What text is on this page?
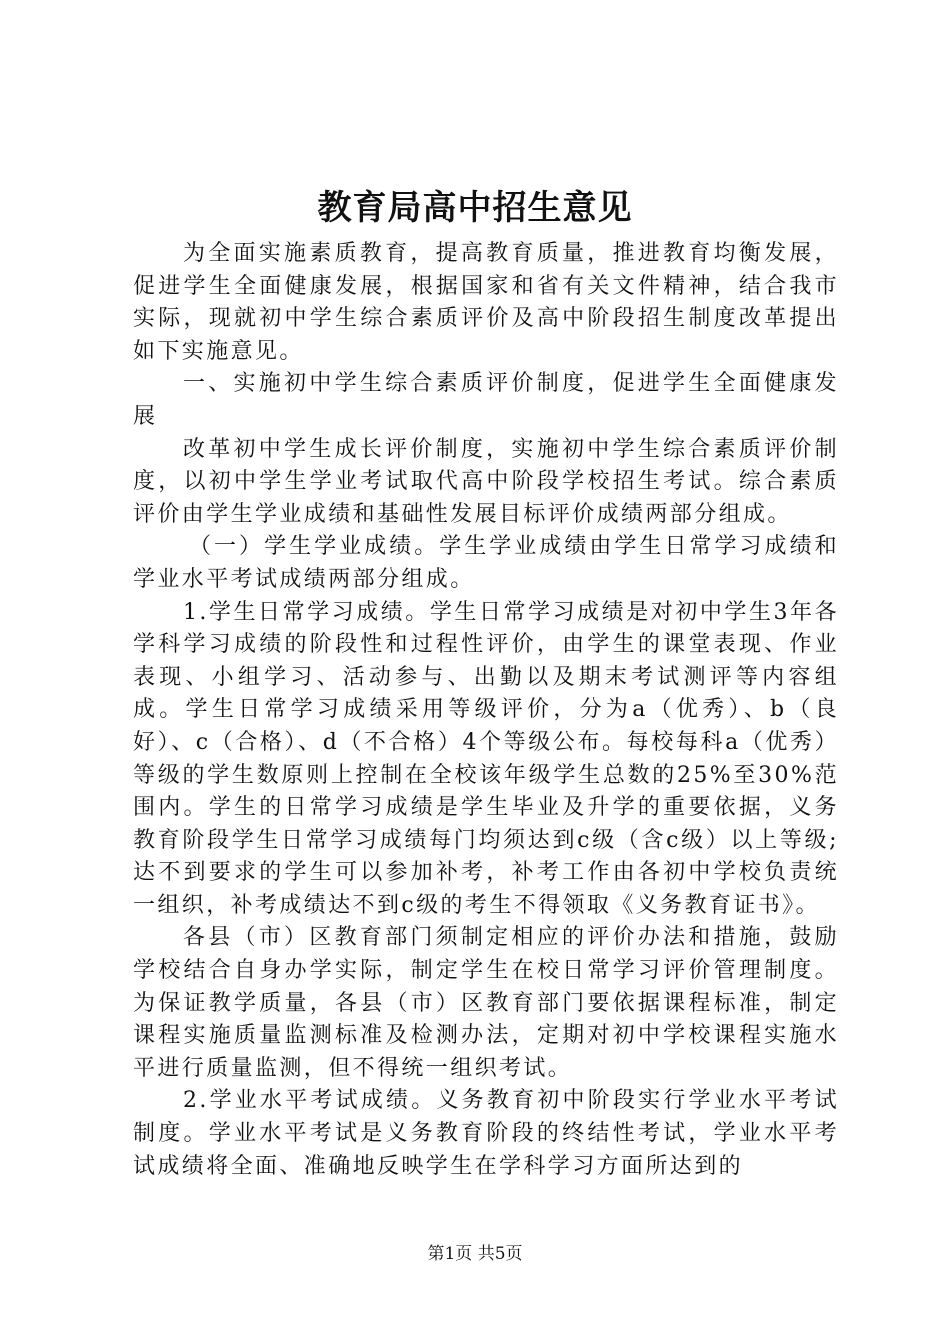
教育局高中招生意见

为全面实施素质教育，提高教育质量，推进教育均衡发展，促进学生全面健康发展，根据国家和省有关文件精神，结合我市实际，现就初中学生综合素质评价及高中阶段招生制度改革提出如下实施意见。

一、实施初中学生综合素质评价制度，促进学生全面健康发展

改革初中学生成长评价制度，实施初中学生综合素质评价制度，以初中学生学业考试取代高中阶段学校招生考试。综合素质评价由学生学业成绩和基础性发展目标评价成绩两部分组成。

（一）学生学业成绩。学生学业成绩由学生日常学习成绩和学业水平考试成绩两部分组成。

1.学生日常学习成绩。学生日常学习成绩是对初中学生3年各学科学习成绩的阶段性和过程性评价，由学生的课堂表现、作业表现、小组学习、活动参与、出勤以及期末考试测评等内容组成。学生日常学习成绩采用等级评价，分为a（优秀）、b（良好）、c（合格）、d（不合格）4个等级公布。每校每科a（优秀）等级的学生数原则上控制在全校该年级学生总数的25%至30%范围内。学生的日常学习成绩是学生毕业及升学的重要依据，义务教育阶段学生日常学习成绩每门均须达到c级（含c级）以上等级;达不到要求的学生可以参加补考，补考工作由各初中学校负责统一组织，补考成绩达不到c级的考生不得领取《义务教育证书》。

各县（市）区教育部门须制定相应的评价办法和措施，鼓励学校结合自身办学实际，制定学生在校日常学习评价管理制度。为保证教学质量，各县（市）区教育部门要依据课程标准，制定课程实施质量监测标准及检测办法，定期对初中学校课程实施水平进行质量监测，但不得统一组织考试。

2.学业水平考试成绩。义务教育初中阶段实行学业水平考试制度。学业水平考试是义务教育阶段的终结性考试，学业水平考试成绩将全面、准确地反映学生在学科学习方面所达到的

第1页 共5页
